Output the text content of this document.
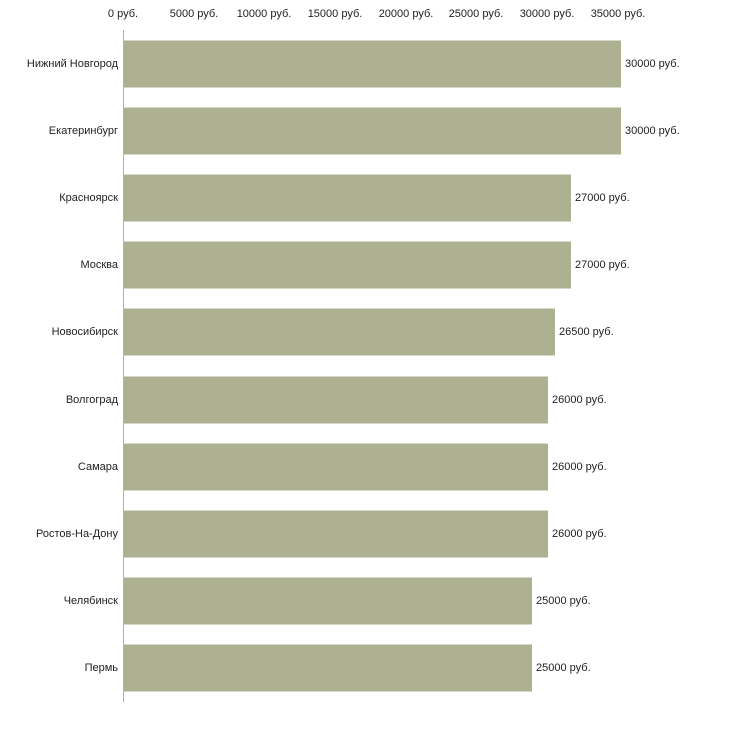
0 руб.	5000 руб. 10000 руб. 15000 руб. 20000 руб. 25000 руб. 30000 руб. 35000 руб.
Нижний Новгород	30000 руб.
Екатеринбург	30000 руб.
Красноярск	27000 руб.
Москва	27000 руб.
Новосибирск	26500 руб.
Волгоград	26000 руб.
Самара	26000 руб.
Ростов-На-Дону	26000 руб.
Челябинск	25000 руб.
Пермь	25000 руб.
